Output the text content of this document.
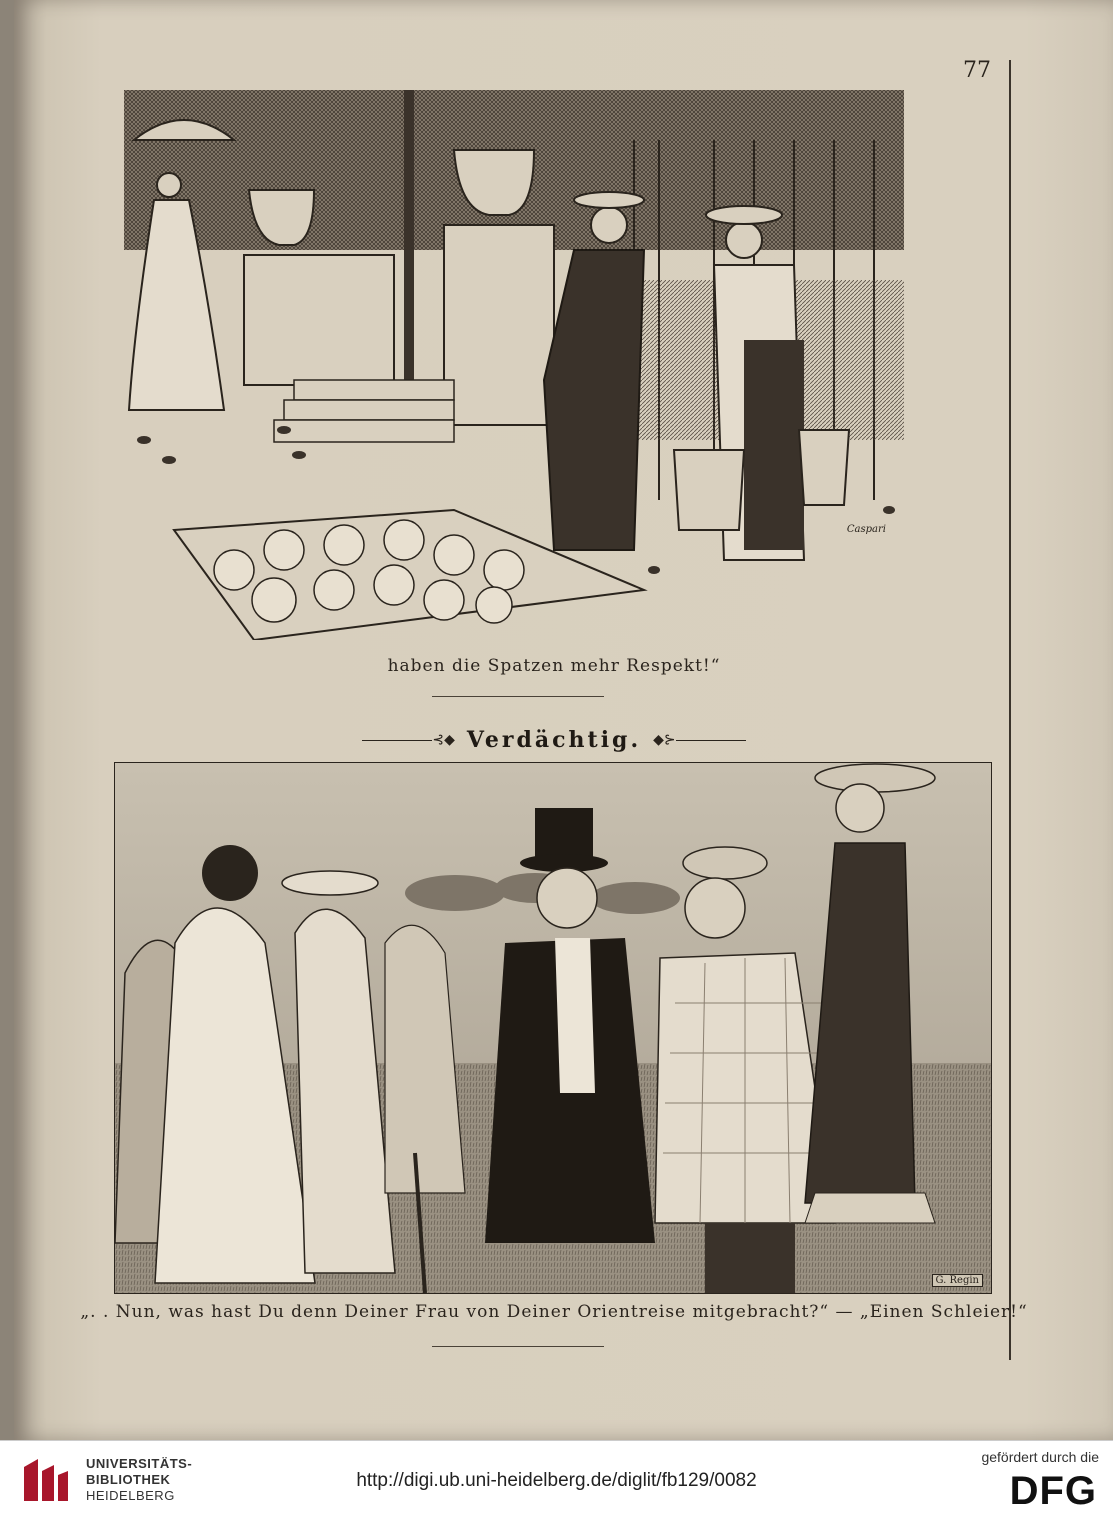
77
Caspari
haben die Spatzen mehr Respekt!“
⊰◆ Verdächtig. ◆⊱
G. Regin
„. . Nun, was hast Du denn Deiner Frau von Deiner Orientreise mitgebracht?“ — „Einen Schleier!“
UNIVERSITÄTS-
BIBLIOTHEK
HEIDELBERG
http://digi.ub.uni-heidelberg.de/diglit/fb129/0082
gefördert durch die
DFG
